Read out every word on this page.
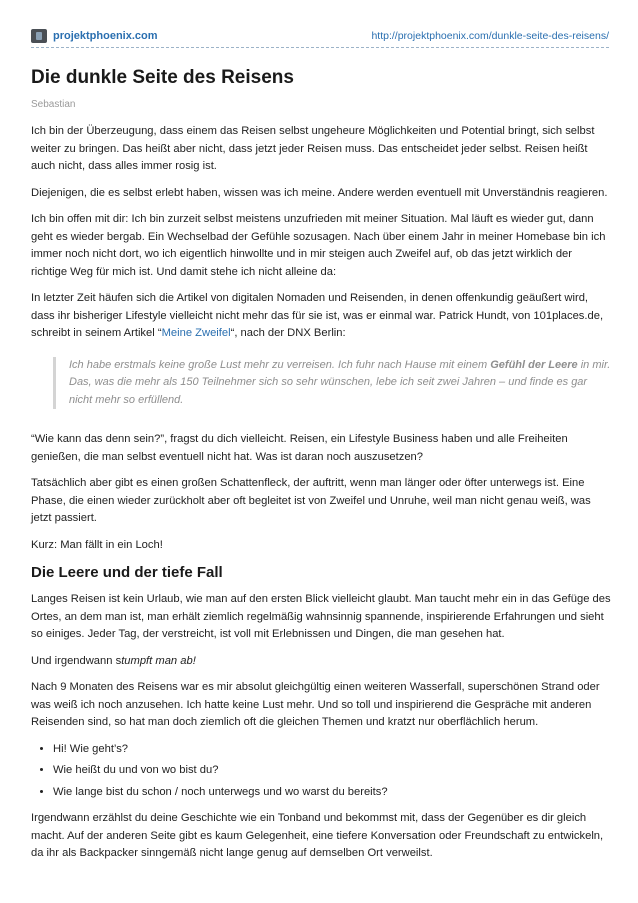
projektphoenix.com	http://projektphoenix.com/dunkle-seite-des-reisens/
Die dunkle Seite des Reisens
Sebastian

Ich bin der Überzeugung, dass einem das Reisen selbst ungeheure Möglichkeiten und Potential bringt, sich selbst weiter zu bringen. Das heißt aber nicht, dass jetzt jeder Reisen muss. Das entscheidet jeder selbst. Reisen heißt auch nicht, dass alles immer rosig ist.

Diejenigen, die es selbst erlebt haben, wissen was ich meine. Andere werden eventuell mit Unverständnis reagieren.

Ich bin offen mit dir: Ich bin zurzeit selbst meistens unzufrieden mit meiner Situation. Mal läuft es wieder gut, dann geht es wieder bergab. Ein Wechselbad der Gefühle sozusagen. Nach über einem Jahr in meiner Homebase bin ich immer noch nicht dort, wo ich eigentlich hinwollte und in mir steigen auch Zweifel auf, ob das jetzt wirklich der richtige Weg für mich ist. Und damit stehe ich nicht alleine da:

In letzter Zeit häufen sich die Artikel von digitalen Nomaden und Reisenden, in denen offenkundig geäußert wird, dass ihr bisheriger Lifestyle vielleicht nicht mehr das für sie ist, was er einmal war. Patrick Hundt, von 101places.de, schreibt in seinem Artikel “Meine Zweifel“, nach der DNX Berlin:

Ich habe erstmals keine große Lust mehr zu verreisen. Ich fuhr nach Hause mit einem Gefühl der Leere in mir. Das, was die mehr als 150 Teilnehmer sich so sehr wünschen, lebe ich seit zwei Jahren – und finde es gar nicht mehr so erfüllend.

“Wie kann das denn sein?”, fragst du dich vielleicht. Reisen, ein Lifestyle Business haben und alle Freiheiten genießen, die man selbst eventuell nicht hat. Was ist daran noch auszusetzen?

Tatsächlich aber gibt es einen großen Schattenfleck, der auftritt, wenn man länger oder öfter unterwegs ist. Eine Phase, die einen wieder zurückholt aber oft begleitet ist von Zweifel und Unruhe, weil man nicht genau weiß, was jetzt passiert.

Kurz: Man fällt in ein Loch!

Die Leere und der tiefe Fall

Langes Reisen ist kein Urlaub, wie man auf den ersten Blick vielleicht glaubt. Man taucht mehr ein in das Gefüge des Ortes, an dem man ist, man erhält ziemlich regelmäßig wahnsinnig spannende, inspirierende Erfahrungen und sieht so einiges. Jeder Tag, der verstreicht, ist voll mit Erlebnissen und Dingen, die man gesehen hat.

Und irgendwann stumpft man ab!

Nach 9 Monaten des Reisens war es mir absolut gleichgültig einen weiteren Wasserfall, superschönen Strand oder was weiß ich noch anzusehen. Ich hatte keine Lust mehr. Und so toll und inspirierend die Gespräche mit anderen Reisenden sind, so hat man doch ziemlich oft die gleichen Themen und kratzt nur oberflächlich herum.

• Hi! Wie geht’s?
• Wie heißt du und von wo bist du?
• Wie lange bist du schon / noch unterwegs und wo warst du bereits?

Irgendwann erzählst du deine Geschichte wie ein Tonband und bekommst mit, dass der Gegenüber es dir gleich macht. Auf der anderen Seite gibt es kaum Gelegenheit, eine tiefere Konversation oder Freundschaft zu entwickeln, da ihr als Backpacker sinngemäß nicht lange genug auf demselben Ort verweilst.
